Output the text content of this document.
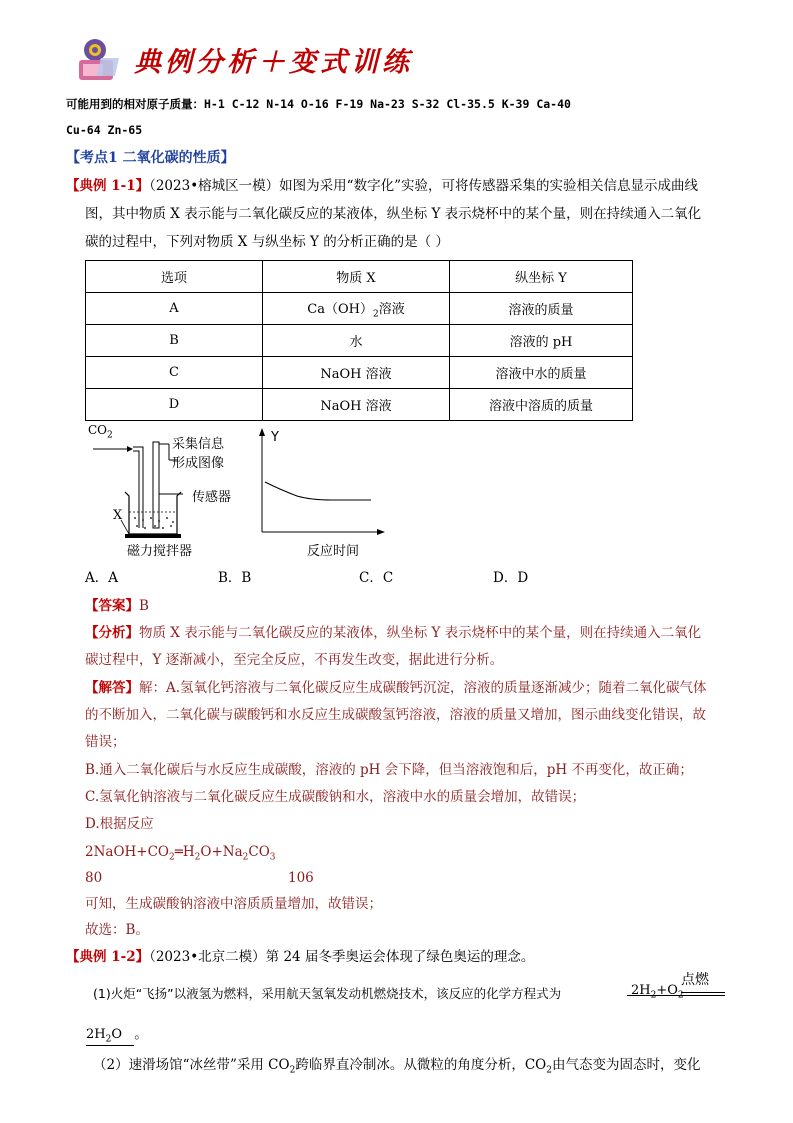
典例分析＋变式训练
可能用到的相对原子质量：H-1 C-12 N-14 O-16 F-19 Na-23 S-32 Cl-35.5 K-39 Ca-40
Cu-64 Zn-65
【考点1 二氧化碳的性质】
【典例 1-1】（2023•榕城区一模）如图为采用“数字化”实验，可将传感器采集的实验相关信息显示成曲线
图，其中物质 X 表示能与二氧化碳反应的某液体，纵坐标 Y 表示烧杯中的某个量，则在持续通入二氧化
碳的过程中，下列对物质 X 与纵坐标 Y 的分析正确的是（ ）
选项	物质 X	纵坐标 Y
A	$Ca(OH)_2$溶液	溶液的质量
B	水	溶液的 pH
C	NaOH 溶液	溶液中水的质量
D	NaOH 溶液	溶液中溶质的质量
$CO_2$
采集信息
形成图像
传感器
X
磁力搅拌器
Y
反应时间
A．A	B．B	C．C	D．D
【答案】B
【分析】物质 X 表示能与二氧化碳反应的某液体，纵坐标 Y 表示烧杯中的某个量，则在持续通入二氧化
碳过程中，Y 逐渐减小，至完全反应，不再发生改变，据此进行分析。
【解答】解：A.氢氧化钙溶液与二氧化碳反应生成碳酸钙沉淀，溶液的质量逐渐减少；随着二氧化碳气体
的不断加入，二氧化碳与碳酸钙和水反应生成碳酸氢钙溶液，溶液的质量又增加，图示曲线变化错误，故
错误；
B.通入二氧化碳后与水反应生成碳酸，溶液的 pH 会下降，但当溶液饱和后，pH 不再变化，故正确；
C.氢氧化钠溶液与二氧化碳反应生成碳酸钠和水，溶液中水的质量会增加，故错误；
D.根据反应
$2NaOH+CO_2═H_2O+Na_2CO_3$
80	106
可知，生成碳酸钠溶液中溶质质量增加，故错误；
故选：B。
【典例 1-2】（2023•北京二模）第 24 届冬季奥运会体现了绿色奥运的理念。
(1)火炬“飞扬”以液氢为燃料，采用航天氢氧发动机燃烧技术，该反应的化学方程式为	$2H_2+O_2$
点燃
$2H_2O$ 。
（2）速滑场馆“冰丝带”采用 $CO_2$跨临界直冷制冰。从微粒的角度分析，$CO_2$由气态变为固态时，变化
